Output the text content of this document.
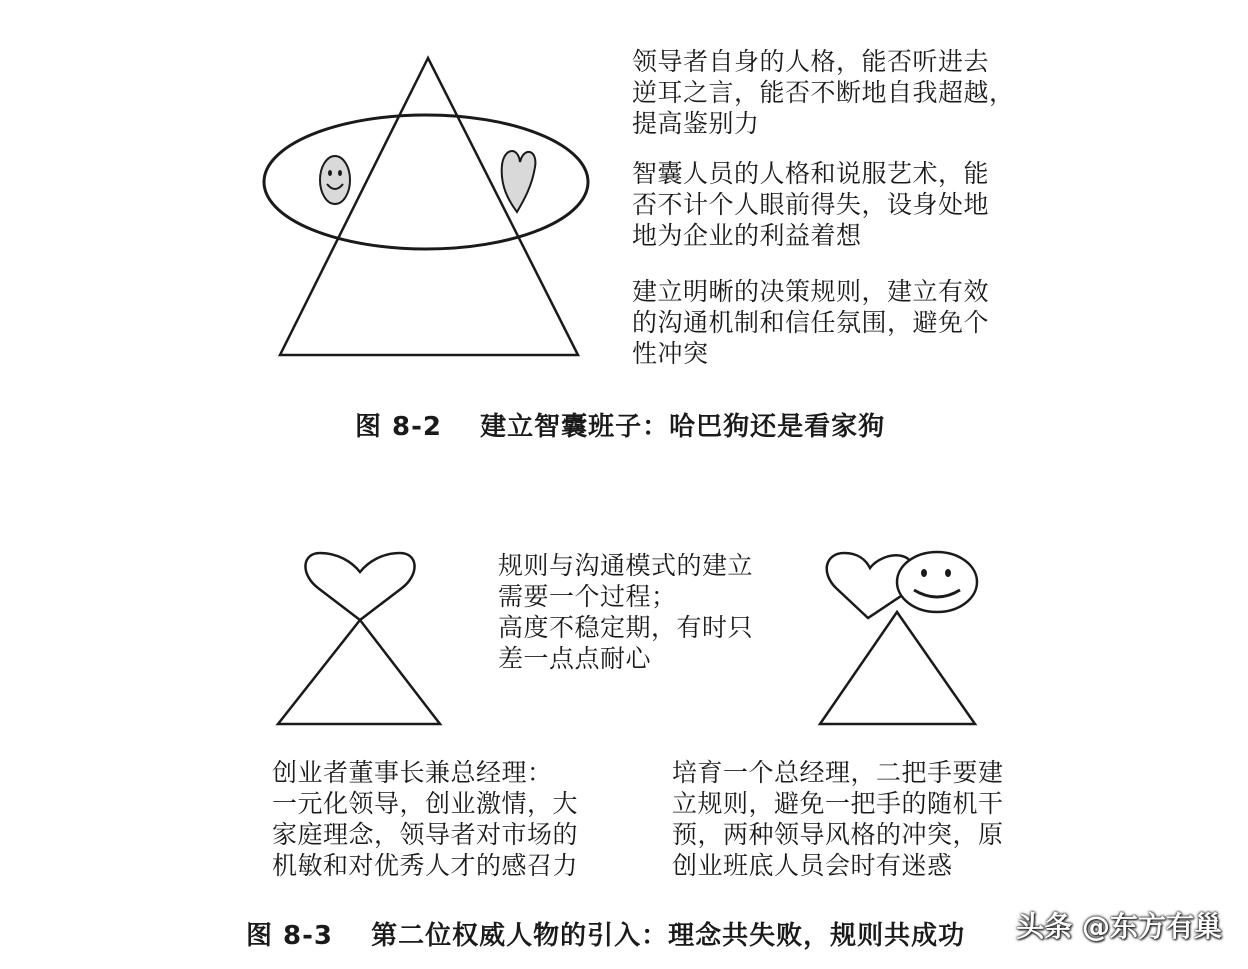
领导者自身的人格，能否听进去

逆耳之言，能否不断地自我超越，

提高鉴别力

智囊人员的人格和说服艺术，能

否不计个人眼前得失，设身处地

地为企业的利益着想

建立明晰的决策规则，建立有效

的沟通机制和信任氛围，避免个

性冲突

图 8-2 建立智囊班子：哈巴狗还是看家狗

规则与沟通模式的建立

需要一个过程；

高度不稳定期，有时只

差一点点耐心

创业者董事长兼总经理：

一元化领导，创业激情，大

家庭理念，领导者对市场的

机敏和对优秀人才的感召力

培育一个总经理，二把手要建

立规则，避免一把手的随机干

预，两种领导风格的冲突，原

创业班底人员会时有迷惑

图 8-3 第二位权威人物的引入：理念共失败，规则共成功 头条 @东方有巢
